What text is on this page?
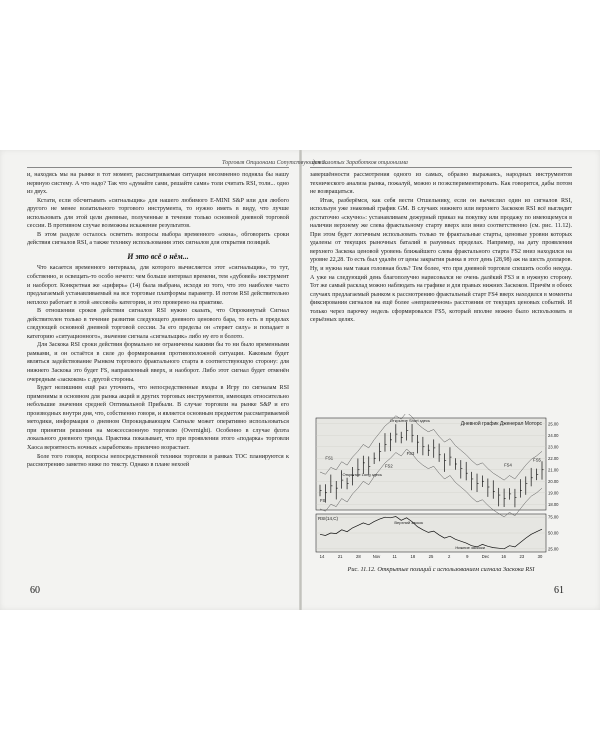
Торговля Опционами Сопутствующими...
для Золотых Заработков опционизма

и, находясь мы на рынке в тот момент, рассматриваемая ситуация несомненно подняла бы нашу нервную систему. А что надо? Так что «думайте сами, решайте сами» толи считать RSI, толи... одно из двух.

Кстати, если обсчитывать «сигнальщик» для нашего любимого E-MINI S&P или для любого другого не менее волатильного торгового инструмента, то нужно иметь в виду, что лучше использовать для этой цели дневные, полученные в течение только основной дневной торговой сессии. В противном случае возможны искажение результатов.

В этом разделе осталось осветить вопросы выбора временного «окна», обговорить сроки действия сигналов RSI, а также технику использования этих сигналов для открытия позиций.

И это всё о нём...

Что касается временного интервала, для которого вычисляется этот «сигнальщик», то тут, собственно, и освещать-то особо нечего: чем больше интервал времени, тем «дубовей» инструмент и наоборот. Конкретная же «цифирь» (14) была выбрана, исходя из того, что это наиболее часто предлагаемый устанавливаемый на все торговые платформы параметр. И потом RSI действительно неплохо работает в этой «весовой» категории, и это проверено на практике.

В отношении сроков действия сигналов RSI нужно сказать, что Опрокинутый Сигнал действителен только в течение развития следующего дневного ценового бара, то есть в пределах следующей основной дневной торговой сессии. За его пределы он «теряет силу» и попадает в категорию «ситуационного», значение сигнала «сигнальщик» либо ну его в болото.

Для Заскока RSI сроки действия формально не ограничены какими бы то ни было временными рамками, и он остаётся в силе до формирования противоположной ситуации. Каковым будет являться задействование Рынком торгового фрактального старта в соответствующую сторону: для нижнего Заскока это будет FS, направленный вверх, и наоборот. Либо этот сигнал будет отменён очередным «заскоком» с другой стороны.

Будет нелишним ещё раз уточнить, что непосредственные входы в Игру по сигналам RSI применимы в основном для рынка акций и других торговых инструментов, имеющих относительно небольшие значения средней Оптимальной Прибыли. В случае торговли на рынке S&P и его производных внутри дня, что, собственно говоря, и является основным предметом рассматриваемой методики, информация о дневном Опрокидывающем Сигнале может оперативно использоваться при принятии решения на межсессионную торговлю (Overnight). Особенно в случае флэта локального дневного тренда. Практика показывает, что при проявлении этого «подарка» торговли Хаоса вероятность ночных «заработков» прилично возрастает.

Боле того говоря, вопросы непосредственной техники торговли в рамках ТОС планируются к рассмотрению заметно ниже по тексту. Однако в плане нехоей

60

завершённости рассмотрения одного из самых, образно выражаясь, народных инструментов технического анализа рынка, пожалуй, можно и поэкспериментировать. Как говорится, дабы потом не возвращаться.

Итак, разберёмся, как себя вести Отшельнику, если он вычислил один из сигналов RSI, используя уже знакомый график GM. В случаях нижнего или верхнего Заскоков RSI всё выглядит достаточно «скучно»: устанавливаем дежурный приказ на покупку или продажу по имеющемуся в наличии верхнему же слева фрактальному старту вверх или вниз соответственно (см. рис. 11.12). При этом будет логичным использовать только те фрактальные старты, ценовые уровни которых удалены от текущих рыночных баталий в разумных пределах. Например, на дату проявления верхнего Заскока ценовой уровень ближайшего слева фрактального старта FS2 вниз находился на уровне 22,28. То есть был удалён от цены закрытия рынка в этот день (28,98) аж на шесть долларов. Ну, и нужна нам такая головная боль? Тем более, что при дневной торговле спешить особо некуда. А уже на следующий день благополучно нарисовался не очень далёкий FS3 и в нужную сторону. Тот же самый расклад можно наблюдать на графике и для правых нижних Заскоков. Причём в обоих случаях предлагаемый рынком к рассмотрению фрактальный старт FS4 вверх находился в моменты фиксирования сигналов на ещё более «неприличном» расстоянии от текущих ценовых событий. И только через парочку недель сформировался FS5, который вполне можно было использовать в серьёзных целях.

25.00
24.00
23.00
22.00
21.00
20.00
19.00
18.00
75.00
50.00
25.00
Дневной график Дженерал Моторс
RSI(14,C)
Открытие Short здесь
Открытие Long здесь
Верхний заскок
Нижние заскоки
FS1
FS2
FS3
FS4
FS5
FS
14	21	28	Nov	11	18	25	2	9	Dec	16	23	30
Рис. 11.12. Открытые позиций с использованием сигнала Заскока RSI
61
